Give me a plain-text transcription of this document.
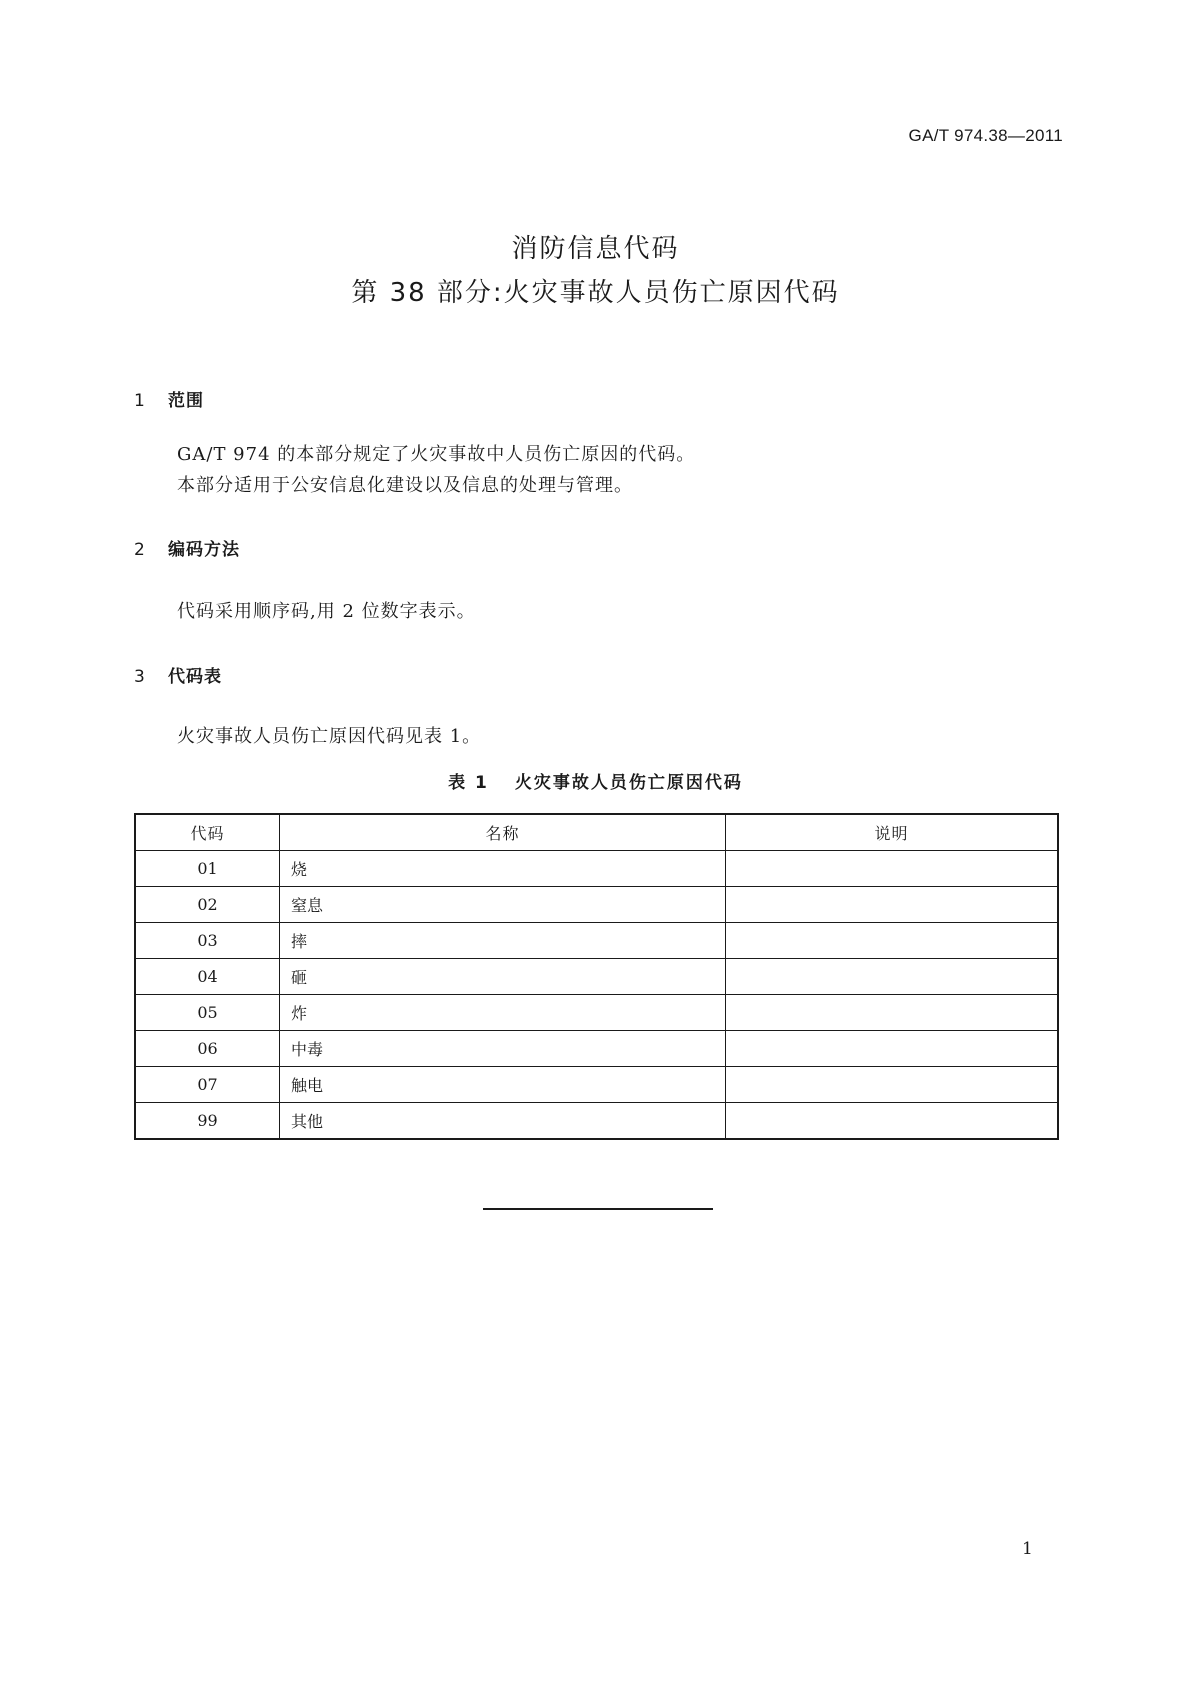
GA/T 974.38—2011
消防信息代码
第 38 部分:火灾事故人员伤亡原因代码
1 范围
GA/T 974 的本部分规定了火灾事故中人员伤亡原因的代码。
本部分适用于公安信息化建设以及信息的处理与管理。
2 编码方法
代码采用顺序码,用 2 位数字表示。
3 代码表
火灾事故人员伤亡原因代码见表 1。
表 1 火灾事故人员伤亡原因代码
代码	名称	说明
01	烧	
02	窒息	
03	摔	
04	砸	
05	炸	
06	中毒	
07	触电	
99	其他	
1
